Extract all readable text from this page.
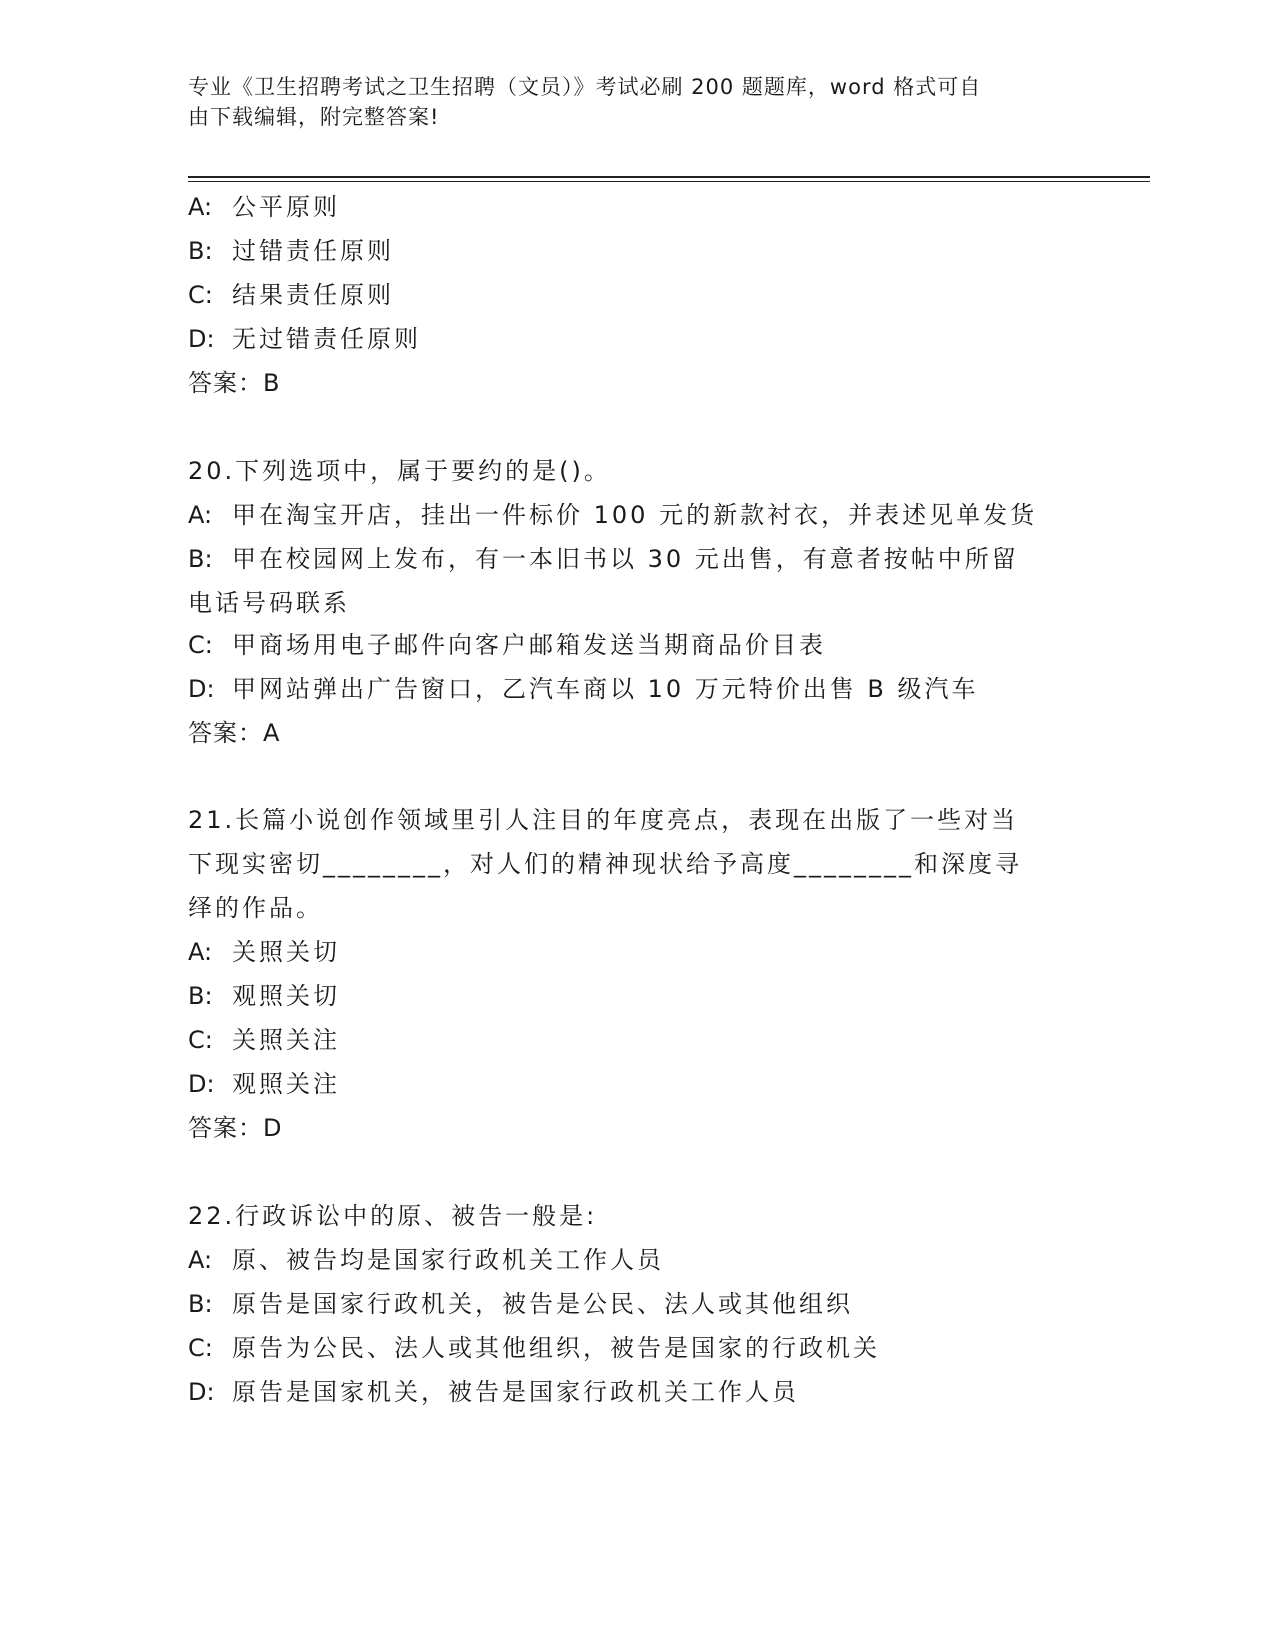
专业《卫生招聘考试之卫生招聘（文员）》考试必刷 200 题题库，word 格式可自
由下载编辑，附完整答案!
A: 公平原则
B: 过错责任原则
C: 结果责任原则
D: 无过错责任原则
答案：B
20.下列选项中，属于要约的是()。
A: 甲在淘宝开店，挂出一件标价 100 元的新款衬衣，并表述见单发货
B: 甲在校园网上发布，有一本旧书以 30 元出售，有意者按帖中所留
电话号码联系
C: 甲商场用电子邮件向客户邮箱发送当期商品价目表
D: 甲网站弹出广告窗口，乙汽车商以 10 万元特价出售 B 级汽车
答案：A
21.长篇小说创作领域里引人注目的年度亮点，表现在出版了一些对当
下现实密切________，对人们的精神现状给予高度________和深度寻
绎的作品。
A: 关照关切
B: 观照关切
C: 关照关注
D: 观照关注
答案：D
22.行政诉讼中的原、被告一般是:
A: 原、被告均是国家行政机关工作人员
B: 原告是国家行政机关，被告是公民、法人或其他组织
C: 原告为公民、法人或其他组织，被告是国家的行政机关
D: 原告是国家机关，被告是国家行政机关工作人员
